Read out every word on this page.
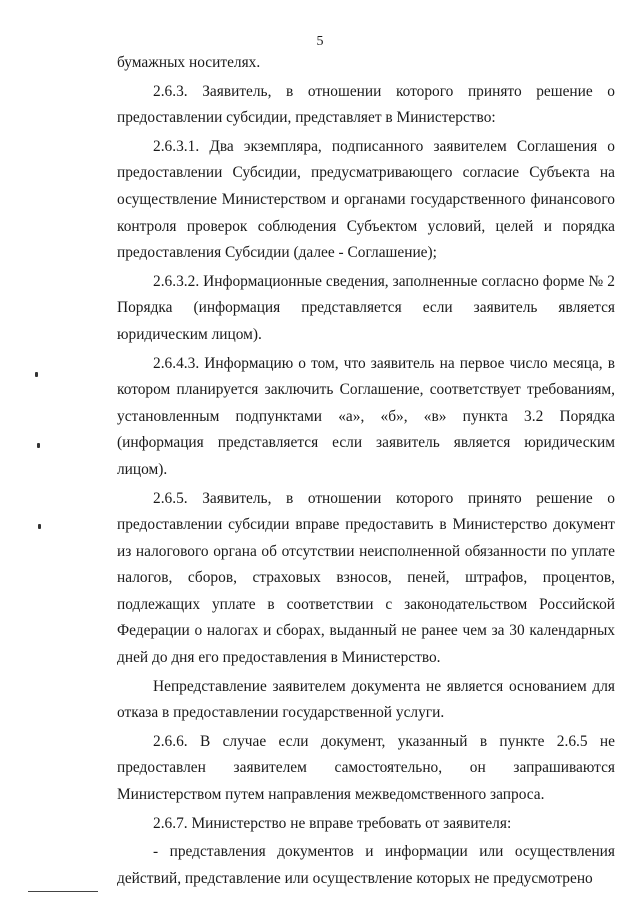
5

бумажных носителях.

2.6.3. Заявитель, в отношении которого принято решение о предоставлении субсидии, представляет в Министерство:

2.6.3.1. Два экземпляра, подписанного заявителем Соглашения о предоставлении Субсидии, предусматривающего согласие Субъекта на осуществление Министерством и органами государственного финансового контроля проверок соблюдения Субъектом условий, целей и порядка предоставления Субсидии (далее - Соглашение);

2.6.3.2. Информационные сведения, заполненные согласно форме № 2 Порядка (информация представляется если заявитель является юридическим лицом).

2.6.4.3. Информацию о том, что заявитель на первое число месяца, в котором планируется заключить Соглашение, соответствует требованиям, установленным подпунктами «а», «б», «в» пункта 3.2 Порядка (информация представляется если заявитель является юридическим лицом).

2.6.5. Заявитель, в отношении которого принято решение о предоставлении субсидии вправе предоставить в Министерство документ из налогового органа об отсутствии неисполненной обязанности по уплате налогов, сборов, страховых взносов, пеней, штрафов, процентов, подлежащих уплате в соответствии с законодательством Российской Федерации о налогах и сборах, выданный не ранее чем за 30 календарных дней до дня его предоставления в Министерство.

Непредставление заявителем документа не является основанием для отказа в предоставлении государственной услуги.

2.6.6. В случае если документ, указанный в пункте 2.6.5 не предоставлен заявителем самостоятельно, он запрашиваются Министерством путем направления межведомственного запроса.

2.6.7. Министерство не вправе требовать от заявителя:

- представления документов и информации или осуществления действий, представление или осуществление которых не предусмотрено
